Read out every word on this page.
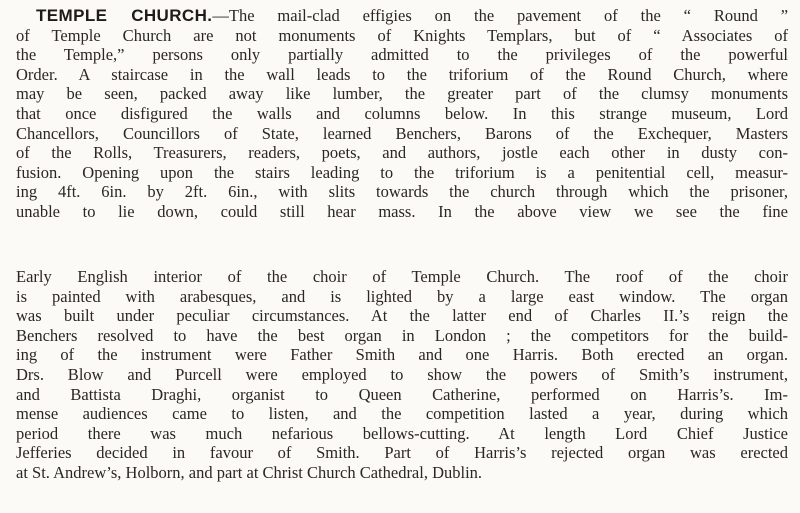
TEMPLE CHURCH.—The mail-clad effigies on the pavement of the “ Round ”
of Temple Church are not monuments of Knights Templars, but of “ Associates of
the Temple,” persons only partially admitted to the privileges of the powerful
Order. A staircase in the wall leads to the triforium of the Round Church, where
may be seen, packed away like lumber, the greater part of the clumsy monuments
that once disfigured the walls and columns below. In this strange museum, Lord
Chancellors, Councillors of State, learned Benchers, Barons of the Exchequer, Masters
of the Rolls, Treasurers, readers, poets, and authors, jostle each other in dusty con-
fusion. Opening upon the stairs leading to the triforium is a penitential cell, measur-
ing 4ft. 6in. by 2ft. 6in., with slits towards the church through which the prisoner,
unable to lie down, could still hear mass. In the above view we see the fine
Early English interior of the choir of Temple Church. The roof of the choir
is painted with arabesques, and is lighted by a large east window. The organ
was built under peculiar circumstances. At the latter end of Charles II.’s reign the
Benchers resolved to have the best organ in London ; the competitors for the build-
ing of the instrument were Father Smith and one Harris. Both erected an organ.
Drs. Blow and Purcell were employed to show the powers of Smith’s instrument,
and Battista Draghi, organist to Queen Catherine, performed on Harris’s. Im-
mense audiences came to listen, and the competition lasted a year, during which
period there was much nefarious bellows-cutting. At length Lord Chief Justice
Jefferies decided in favour of Smith. Part of Harris’s rejected organ was erected
at St. Andrew’s, Holborn, and part at Christ Church Cathedral, Dublin.
